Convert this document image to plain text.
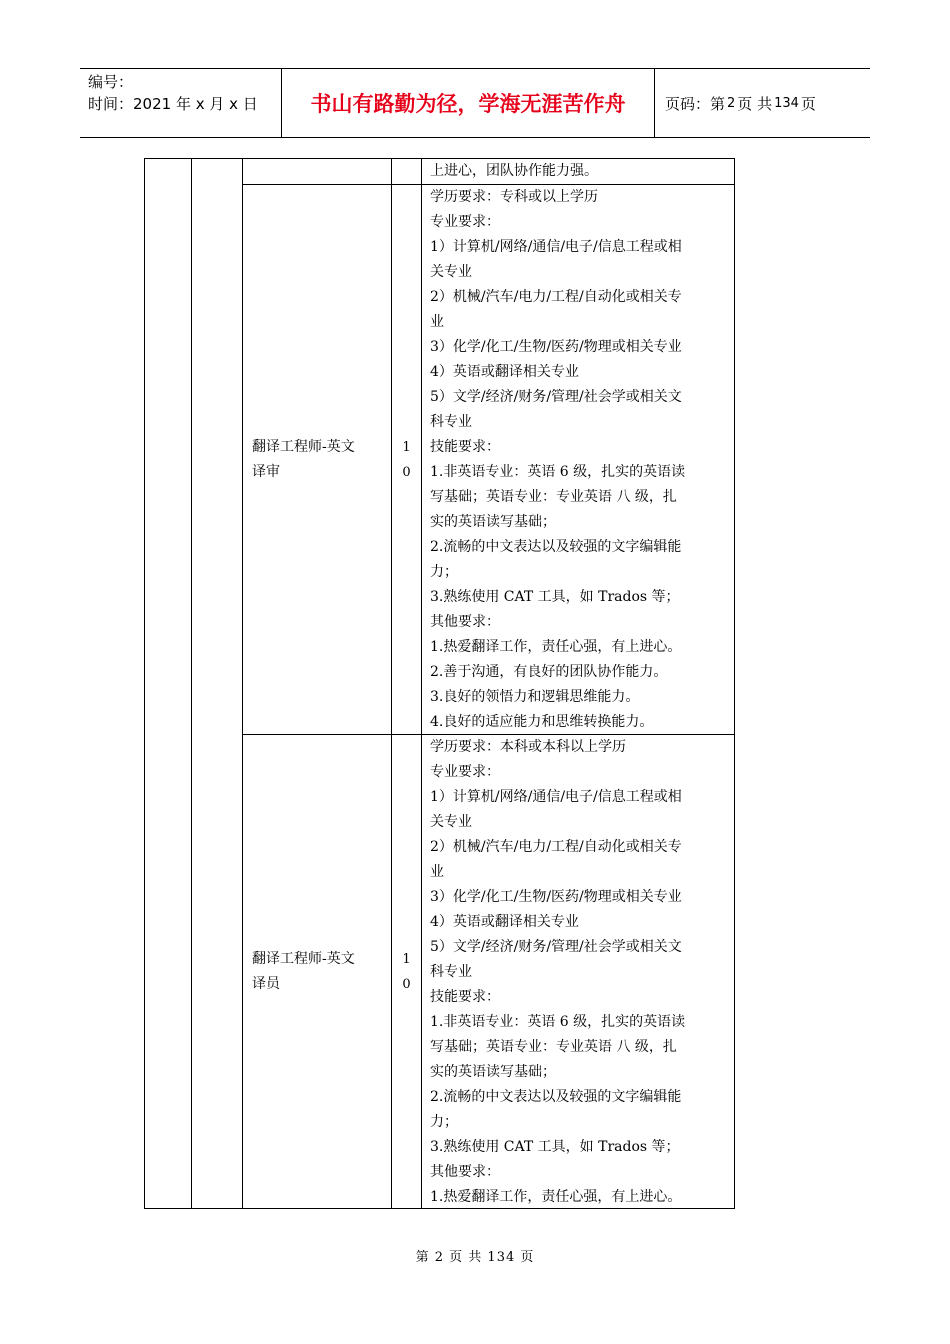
编号：
时间：2021 年 x 月 x 日	书山有路勤为径，学海无涯苦作舟	页码：第 2 页 共 134 页

上进心，团队协作能力强。

翻译工程师-英文

译审

1
0

学历要求：专科或以上学历

专业要求：

1）计算机/网络/通信/电子/信息工程或相

关专业

2）机械/汽车/电力/工程/自动化或相关专

业

3）化学/化工/生物/医药/物理或相关专业

4）英语或翻译相关专业

5）文学/经济/财务/管理/社会学或相关文

科专业

技能要求：

1.非英语专业：英语 6 级，扎实的英语读

写基础；英语专业：专业英语 八 级，扎

实的英语读写基础；

2.流畅的中文表达以及较强的文字编辑能

力；

3.熟练使用 CAT 工具，如 Trados 等；

其他要求：

1.热爱翻译工作，责任心强，有上进心。

2.善于沟通，有良好的团队协作能力。

3.良好的领悟力和逻辑思维能力。

4.良好的适应能力和思维转换能力。

翻译工程师-英文

译员

1
0

学历要求：本科或本科以上学历

专业要求：

1）计算机/网络/通信/电子/信息工程或相

关专业

2）机械/汽车/电力/工程/自动化或相关专

业

3）化学/化工/生物/医药/物理或相关专业

4）英语或翻译相关专业

5）文学/经济/财务/管理/社会学或相关文

科专业

技能要求：

1.非英语专业：英语 6 级，扎实的英语读

写基础；英语专业：专业英语 八 级，扎

实的英语读写基础；

2.流畅的中文表达以及较强的文字编辑能

力；

3.熟练使用 CAT 工具，如 Trados 等；

其他要求：

1.热爱翻译工作，责任心强，有上进心。

第 2 页 共 134 页
